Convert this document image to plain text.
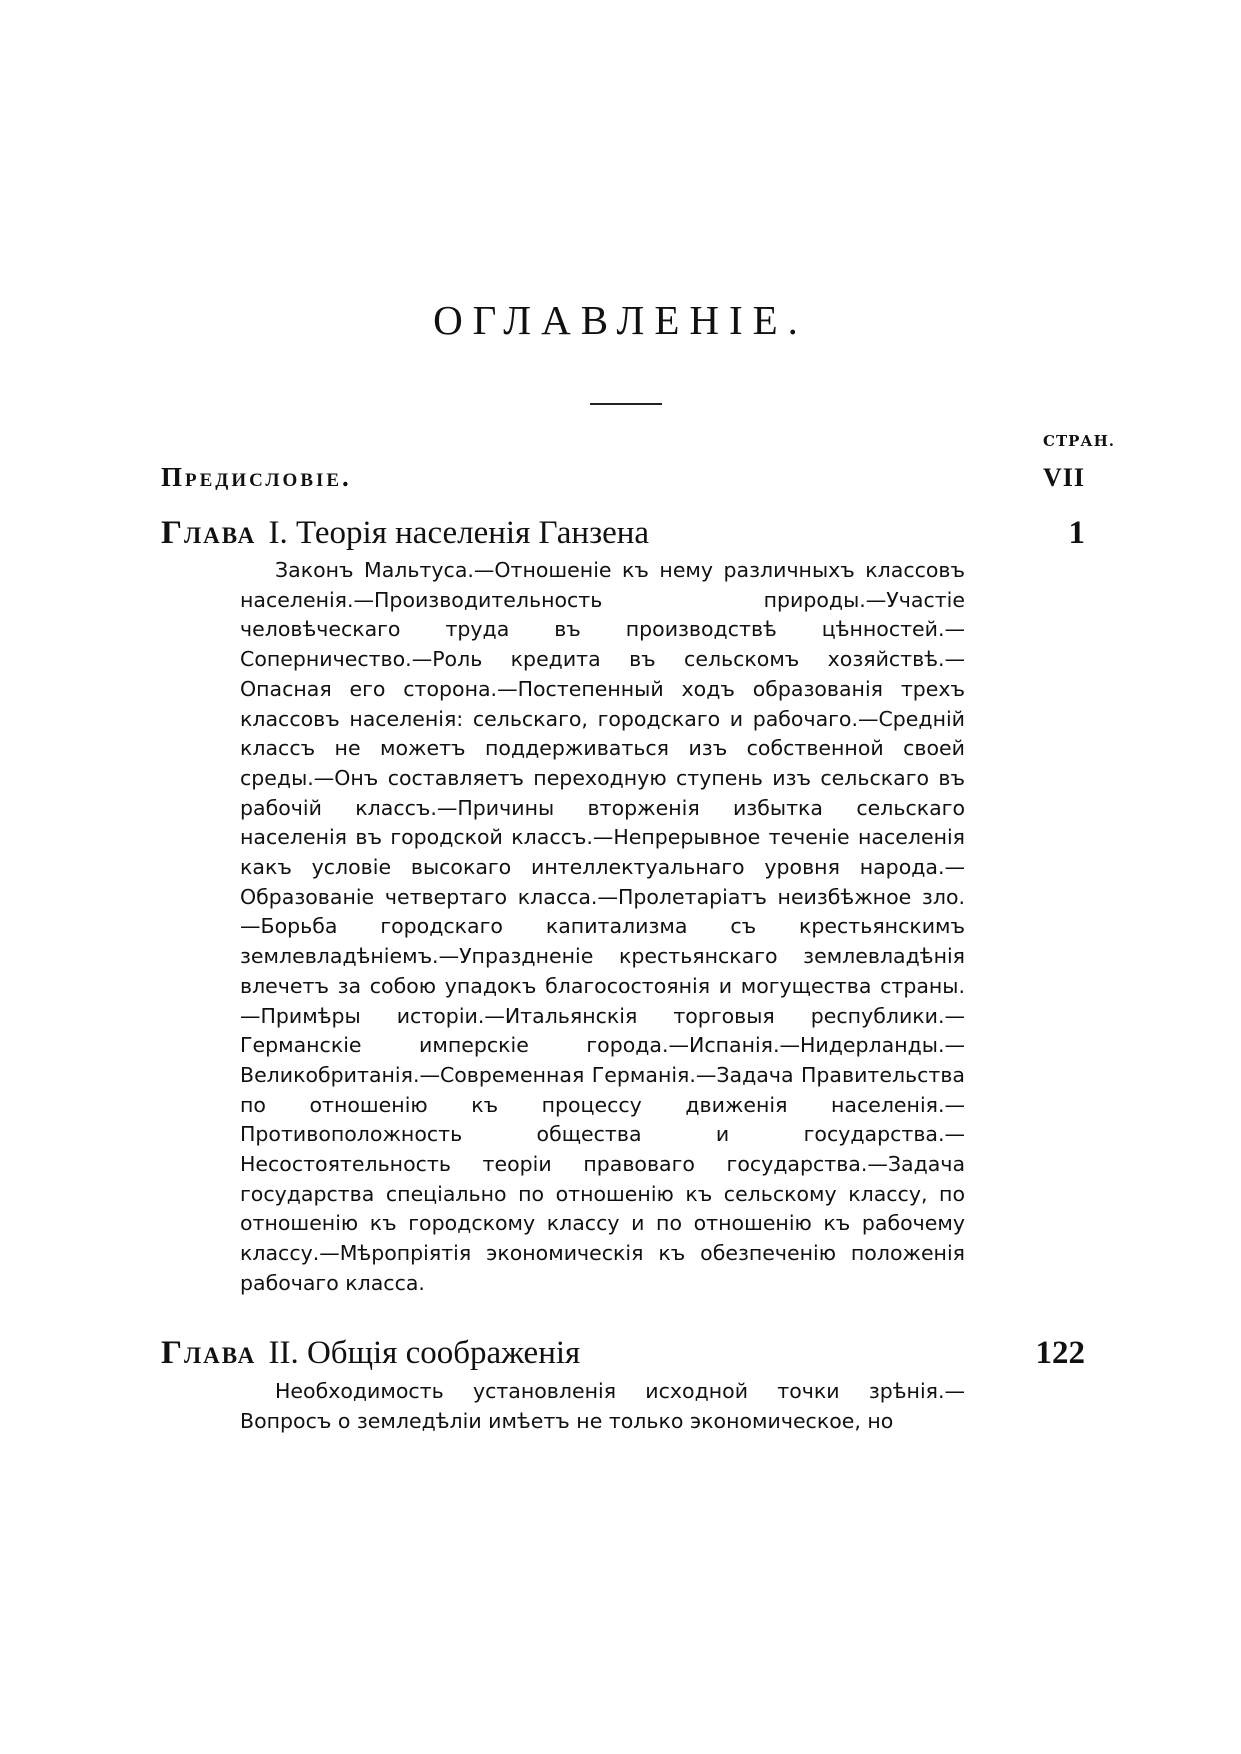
ОГЛАВЛЕНІЕ.
СТРАН.
Предисловіе.	VII
Глава I. Теорія населенія Ганзена	1

Законъ Мальтуса.—Отношеніе къ нему различныхъ классовъ населенія.—Производительность природы.—Участіе человѣческаго труда въ производствѣ цѣнностей.—Соперничество.—Роль кредита въ сельскомъ хозяйствѣ.—Опасная его сторона.—Постепенный ходъ образованія трехъ классовъ населенія: сельскаго, городскаго и рабочаго.—Средній классъ не можетъ поддерживаться изъ собственной своей среды.—Онъ составляетъ переходную ступень изъ сельскаго въ рабочій классъ.—Причины вторженія избытка сельскаго населенія въ городской классъ.—Непрерывное теченіе населенія какъ условіе высокаго интеллектуальнаго уровня народа.—Образованіе четвертаго класса.—Пролетаріатъ неизбѣжное зло.—Борьба городскаго капитализма съ крестьянскимъ землевладѣніемъ.—Упраздненіе крестьянскаго землевладѣнія влечетъ за собою упадокъ благосостоянія и могущества страны.—Примѣры исторіи.—Итальянскія торговыя республики.—Германскіе имперскіе города.—Испанія.—Нидерланды.—Великобританія.—Современная Германія.—Задача Правительства по отношенію къ процессу движенія населенія.—Противоположность общества и государства.—Несостоятельность теоріи правоваго государства.—Задача государства спеціально по отношенію къ сельскому классу, по отношенію къ городскому классу и по отношенію къ рабочему классу.—Мѣропріятія экономическія къ обезпеченію положенія рабочаго класса.

Глава II. Общія соображенія	122

Необходимость установленія исходной точки зрѣнія.—Вопросъ о земледѣліи имѣетъ не только экономическое, но
